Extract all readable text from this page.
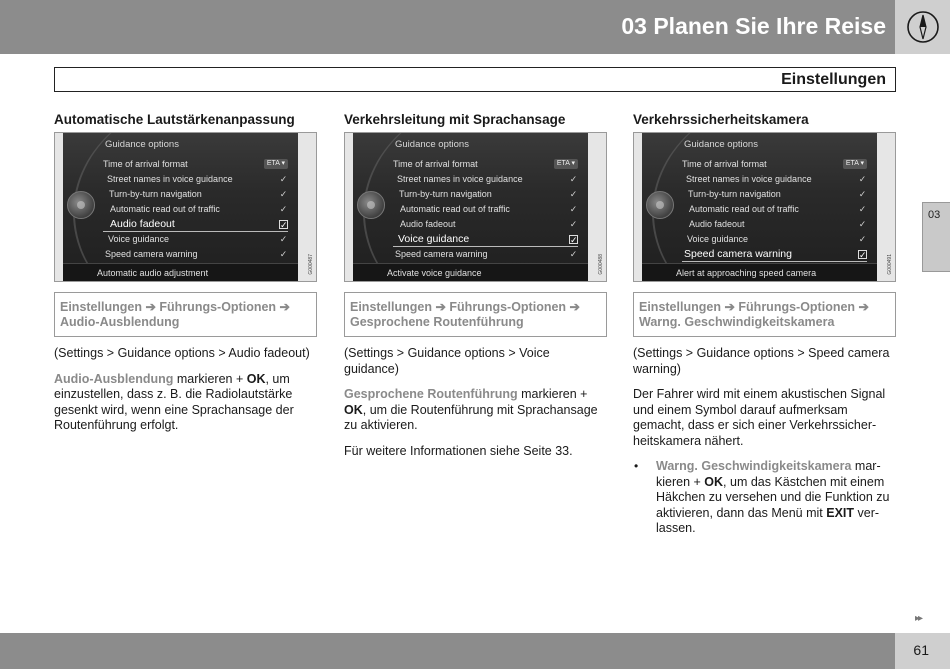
03 Planen Sie Ihre Reise
Einstellungen
03
Automatische Lautstärkenanpassung
Guidance options
Time of arrival format	ETA ▾
Street names in voice guidance	✓
Turn-by-turn navigation	✓
Automatic read out of traffic	✓
Audio fadeout	✓
Voice guidance	✓
Speed camera warning	✓
Automatic audio adjustment	G000487
Einstellungen ➔ Führungs-Optionen ➔
Audio-Ausblendung
(Settings > Guidance options > Audio fadeout)
Audio-Ausblendung markieren + OK, um einzustellen, dass z. B. die Radiolautstärke gesenkt wird, wenn eine Sprachansage der Routenführung erfolgt.
Verkehrsleitung mit Sprachansage
Guidance options
Time of arrival format	ETA ▾
Street names in voice guidance	✓
Turn-by-turn navigation	✓
Automatic read out of traffic	✓
Audio fadeout	✓
Voice guidance	✓
Speed camera warning	✓
Activate voice guidance	G000488
Einstellungen ➔ Führungs-Optionen ➔
Gesprochene Routenführung
(Settings > Guidance options > Voice guidance)
Gesprochene Routenführung markieren + OK, um die Routenführung mit Sprachansage zu aktivieren.
Für weitere Informationen siehe Seite 33.
Verkehrssicherheitskamera
Guidance options
Time of arrival format	ETA ▾
Street names in voice guidance	✓
Turn-by-turn navigation	✓
Automatic read out of traffic	✓
Audio fadeout	✓
Voice guidance	✓
Speed camera warning	✓
Alert at approaching speed camera	G000491
Einstellungen ➔ Führungs-Optionen ➔
Warng. Geschwindigkeitskamera
(Settings > Guidance options > Speed camera warning)
Der Fahrer wird mit einem akustischen Signal und einem Symbol darauf aufmerksam gemacht, dass er sich einer Verkehrssicher-heitskamera nähert.
• Warng. Geschwindigkeitskamera mar-kieren + OK, um das Kästchen mit einem Häkchen zu versehen und die Funktion zu aktivieren, dann das Menü mit EXIT ver-lassen.
▸▸
61
